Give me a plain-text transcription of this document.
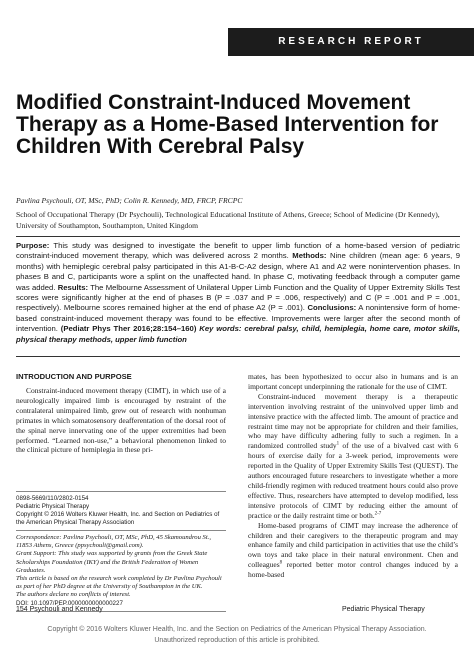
RESEARCH REPORT
Modified Constraint-Induced Movement Therapy as a Home-Based Intervention for Children With Cerebral Palsy
Pavlina Psychouli, OT, MSc, PhD; Colin R. Kennedy, MD, FRCP, FRCPC
School of Occupational Therapy (Dr Psychouli), Technological Educational Institute of Athens, Greece; School of Medicine (Dr Kennedy), University of Southampton, Southampton, United Kingdom
Purpose: This study was designed to investigate the benefit to upper limb function of a home-based version of pediatric constraint-induced movement therapy, which was delivered across 2 months. Methods: Nine children (mean age: 6 years, 9 months) with hemiplegic cerebral palsy participated in this A1-B-C-A2 design, where A1 and A2 were nonintervention phases. In phases B and C, participants wore a splint on the unaffected hand. In phase C, motivating feedback through a computer game was added. Results: The Melbourne Assessment of Unilateral Upper Limb Function and the Quality of Upper Extremity Skills Test scores were significantly higher at the end of phases B (P = .037 and P = .006, respectively) and C (P = .001 and P = .001, respectively). Melbourne scores remained higher at the end of phase A2 (P = .001). Conclusions: A nonintensive form of home-based constraint-induced movement therapy was found to be effective. Improvements were larger after the second month of intervention. (Pediatr Phys Ther 2016;28:154–160) Key words: cerebral palsy, child, hemiplegia, home care, motor skills, physical therapy methods, upper limb function
INTRODUCTION AND PURPOSE

Constraint-induced movement therapy (CIMT), in which use of a neurologically impaired limb is encouraged by restraint of the contralateral unimpaired limb, grew out of research with nonhuman primates in which somatosensory deafferentation of the dorsal root of the spinal nerve innervating one of the upper extremities had been performed. “Learned non-use,” a behavioral phenomenon linked to the clinical picture of hemiplegia in these pri-

0898-5669/110/2802-0154
Pediatric Physical Therapy
Copyright © 2016 Wolters Kluwer Health, Inc. and Section on Pediatrics of the American Physical Therapy Association
Correspondence: Pavlina Psychouli, OT, MSc, PhD, 45 Skamoundrou St., 11853 Athens, Greece (ppsychouli@gmail.com).
Grant Support: This study was supported by grants from the Greek State Scholarships Foundation (IKY) and the British Federation of Women Graduates.
This article is based on the research work completed by Dr Pavlina Psychouli as part of her PhD degree at the University of Southampton in the UK.
The authors declare no conflicts of interest.
DOI: 10.1097/PEP.0000000000000227

mates, has been hypothesized to occur also in humans and is an important concept underpinning the rationale for the use of CIMT.

Constraint-induced movement therapy is a therapeutic intervention involving restraint of the uninvolved upper limb and intensive practice with the affected limb. The amount of practice and restraint time may not be appropriate for children and their families, who may have difficulty adhering fully to such a regimen. In a randomized controlled study$^1$ of the use of a bivalved cast with 6 hours of exercise daily for a 3-week period, improvements were reported in the Quality of Upper Extremity Skills Test (QUEST). The authors encouraged future researchers to investigate whether a more child-friendly regimen with reduced treatment hours could also prove effective. Thus, researchers have attempted to develop modified, less intensive protocols of CIMT by reducing either the amount of practice or the daily restraint time or both.$^{2-7}$

Home-based programs of CIMT may increase the adherence of children and their caregivers to the therapeutic program and may enhance family and child participation in activities that use the child’s own toys and take place in their natural environment. Chen and colleagues$^8$ reported better motor control changes induced by a home-based

154 Psychouli and Kennedy	Pediatric Physical Therapy
Copyright © 2016 Wolters Kluwer Health, Inc. and the Section on Pediatrics of the American Physical Therapy Association.
Unauthorized reproduction of this article is prohibited.
